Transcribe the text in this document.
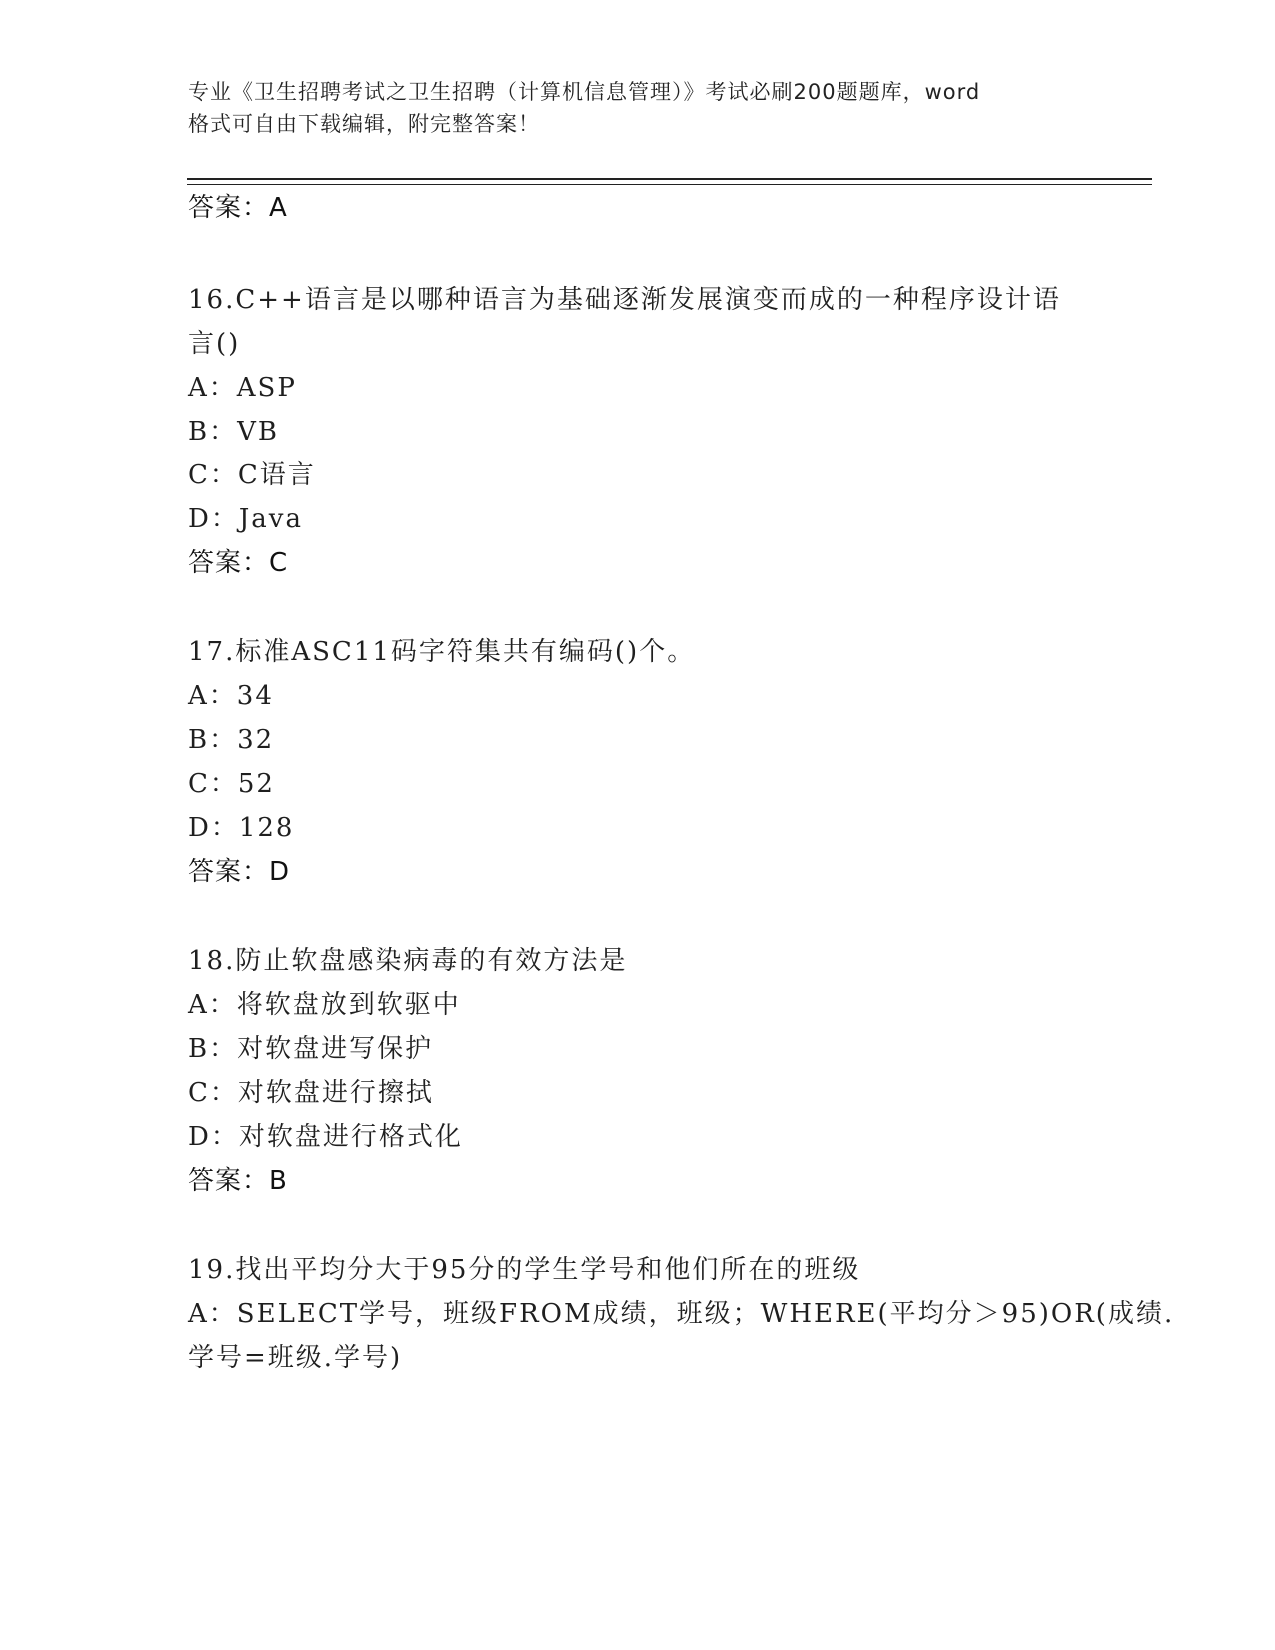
专业《卫生招聘考试之卫生招聘（计算机信息管理）》考试必刷200题题库，word
格式可自由下载编辑，附完整答案！
答案：A
16.C++语言是以哪种语言为基础逐渐发展演变而成的一种程序设计语
言()
A：ASP
B：VB
C：C语言
D：Java
答案：C
17.标准ASC11码字符集共有编码()个。
A：34
B：32
C：52
D：128
答案：D
18.防止软盘感染病毒的有效方法是
A：将软盘放到软驱中
B：对软盘进写保护
C：对软盘进行擦拭
D：对软盘进行格式化
答案：B
19.找出平均分大于95分的学生学号和他们所在的班级
A：SELECT学号，班级FROM成绩，班级；WHERE(平均分＞95)OR(成绩.
学号=班级.学号)
